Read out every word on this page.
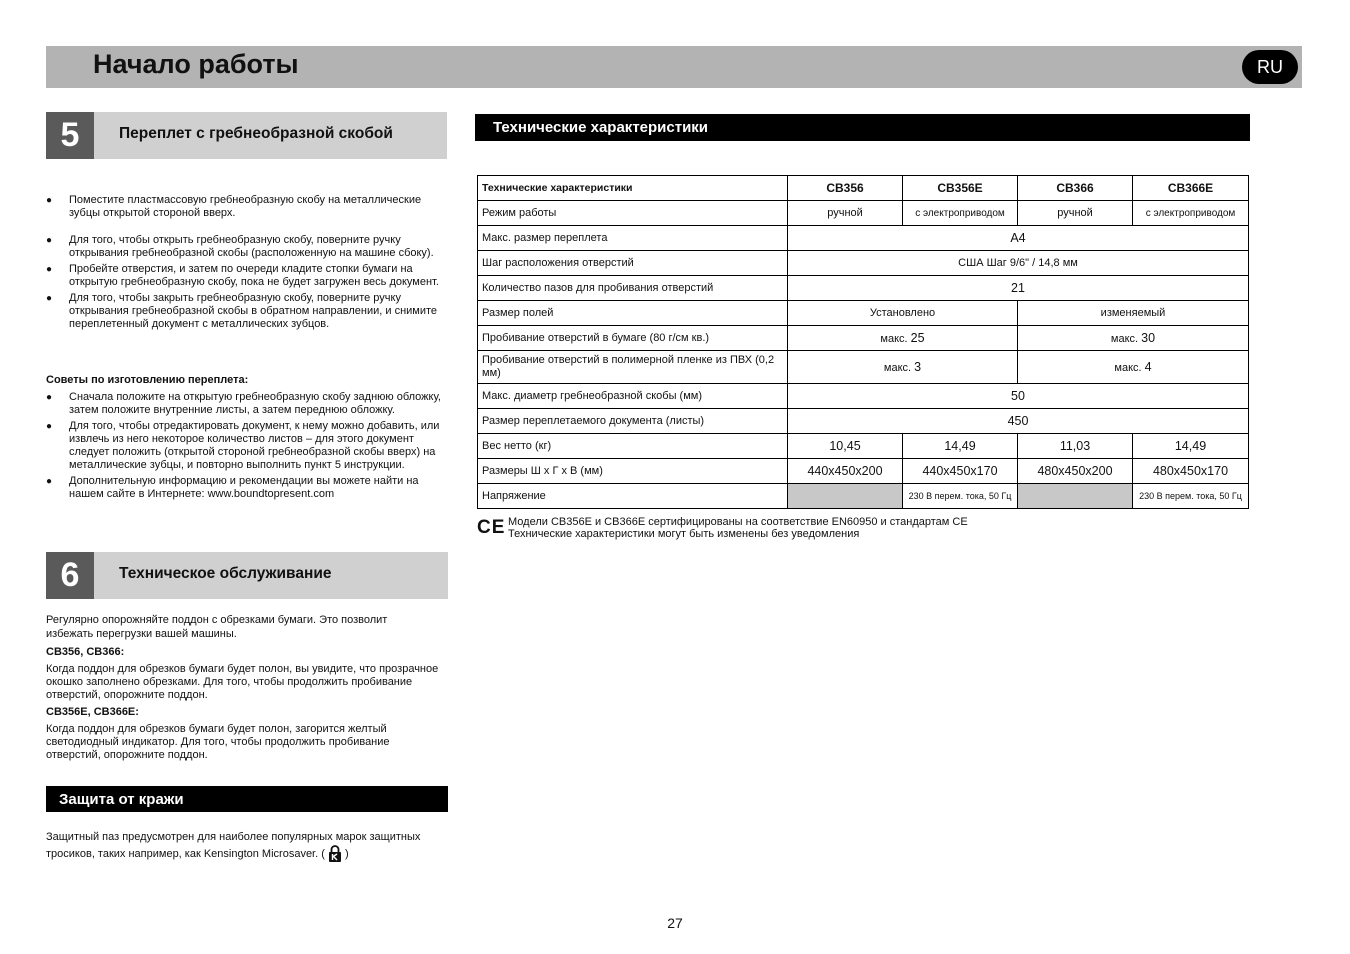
Начало работы	RU
5	Переплет с гребнеобразной скобой
● Поместите пластмассовую гребнеобразную скобу на металлические зубцы открытой стороной вверх.
● Для того, чтобы открыть гребнеобразную скобу, поверните ручку открывания гребнеобразной скобы (расположенную на машине сбоку).
● Пробейте отверстия, и затем по очереди кладите стопки бумаги на открытую гребнеобразную скобу, пока не будет загружен весь документ.
● Для того, чтобы закрыть гребнеобразную скобу, поверните ручку открывания гребнеобразной скобы в обратном направлении, и снимите переплетенный документ с металлических зубцов.
Советы по изготовлению переплета:
● Сначала положите на открытую гребнеобразную скобу заднюю обложку, затем положите внутренние листы, а затем переднюю обложку.
● Для того, чтобы отредактировать документ, к нему можно добавить, или извлечь из него некоторое количество листов – для этого документ следует положить (открытой стороной гребнеобразной скобы вверх) на металлические зубцы, и повторно выполнить пункт 5 инструкции.
● Дополнительную информацию и рекомендации вы можете найти на нашем сайте в Интернете: www.boundtopresent.com
6	Техническое обслуживание
Регулярно опорожняйте поддон с обрезками бумаги. Это позволит избежать перегрузки вашей машины.
CB356, CB366:
Когда поддон для обрезков бумаги будет полон, вы увидите, что прозрачное окошко заполнено обрезками. Для того, чтобы продолжить пробивание отверстий, опорожните поддон.
CB356E, CB366E:
Когда поддон для обрезков бумаги будет полон, загорится желтый светодиодный индикатор. Для того, чтобы продолжить пробивание отверстий, опорожните поддон.
Защита от кражи
Защитный паз предусмотрен для наиболее популярных марок защитных тросиков, таких например, как Kensington Microsaver. ( )
Технические характеристики
Технические характеристики	CB356	CB356E	CB366	CB366E
Режим работы	ручной	с электроприводом	ручной	с электроприводом
Макс. размер переплета	A4			
Шаг расположения отверстий	США Шаг 9/6" / 14,8 мм			
Количество пазов для пробивания отверстий	21			
Размер полей	Установлено		изменяемый	
Пробивание отверстий в бумаге (80 г/см кв.)	макс. 25		макс. 30	
Пробивание отверстий в полимерной пленке из ПВХ (0,2 мм)	макс. 3		макс. 4	
Макс. диаметр гребнеобразной скобы (мм)	50			
Размер переплетаемого документа (листы)	450			
Вес нетто (кг)	10,45	14,49	11,03	14,49
Размеры Ш х Г х В (мм)	440x450x200	440x450x170	480x450x200	480x450x170
Напряжение		230 В перем. тока, 50 Гц		230 В перем. тока, 50 Гц
CE Модели CB356E и CB366E сертифицированы на соответствие EN60950 и стандартам CE
Технические характеристики могут быть изменены без уведомления
27
